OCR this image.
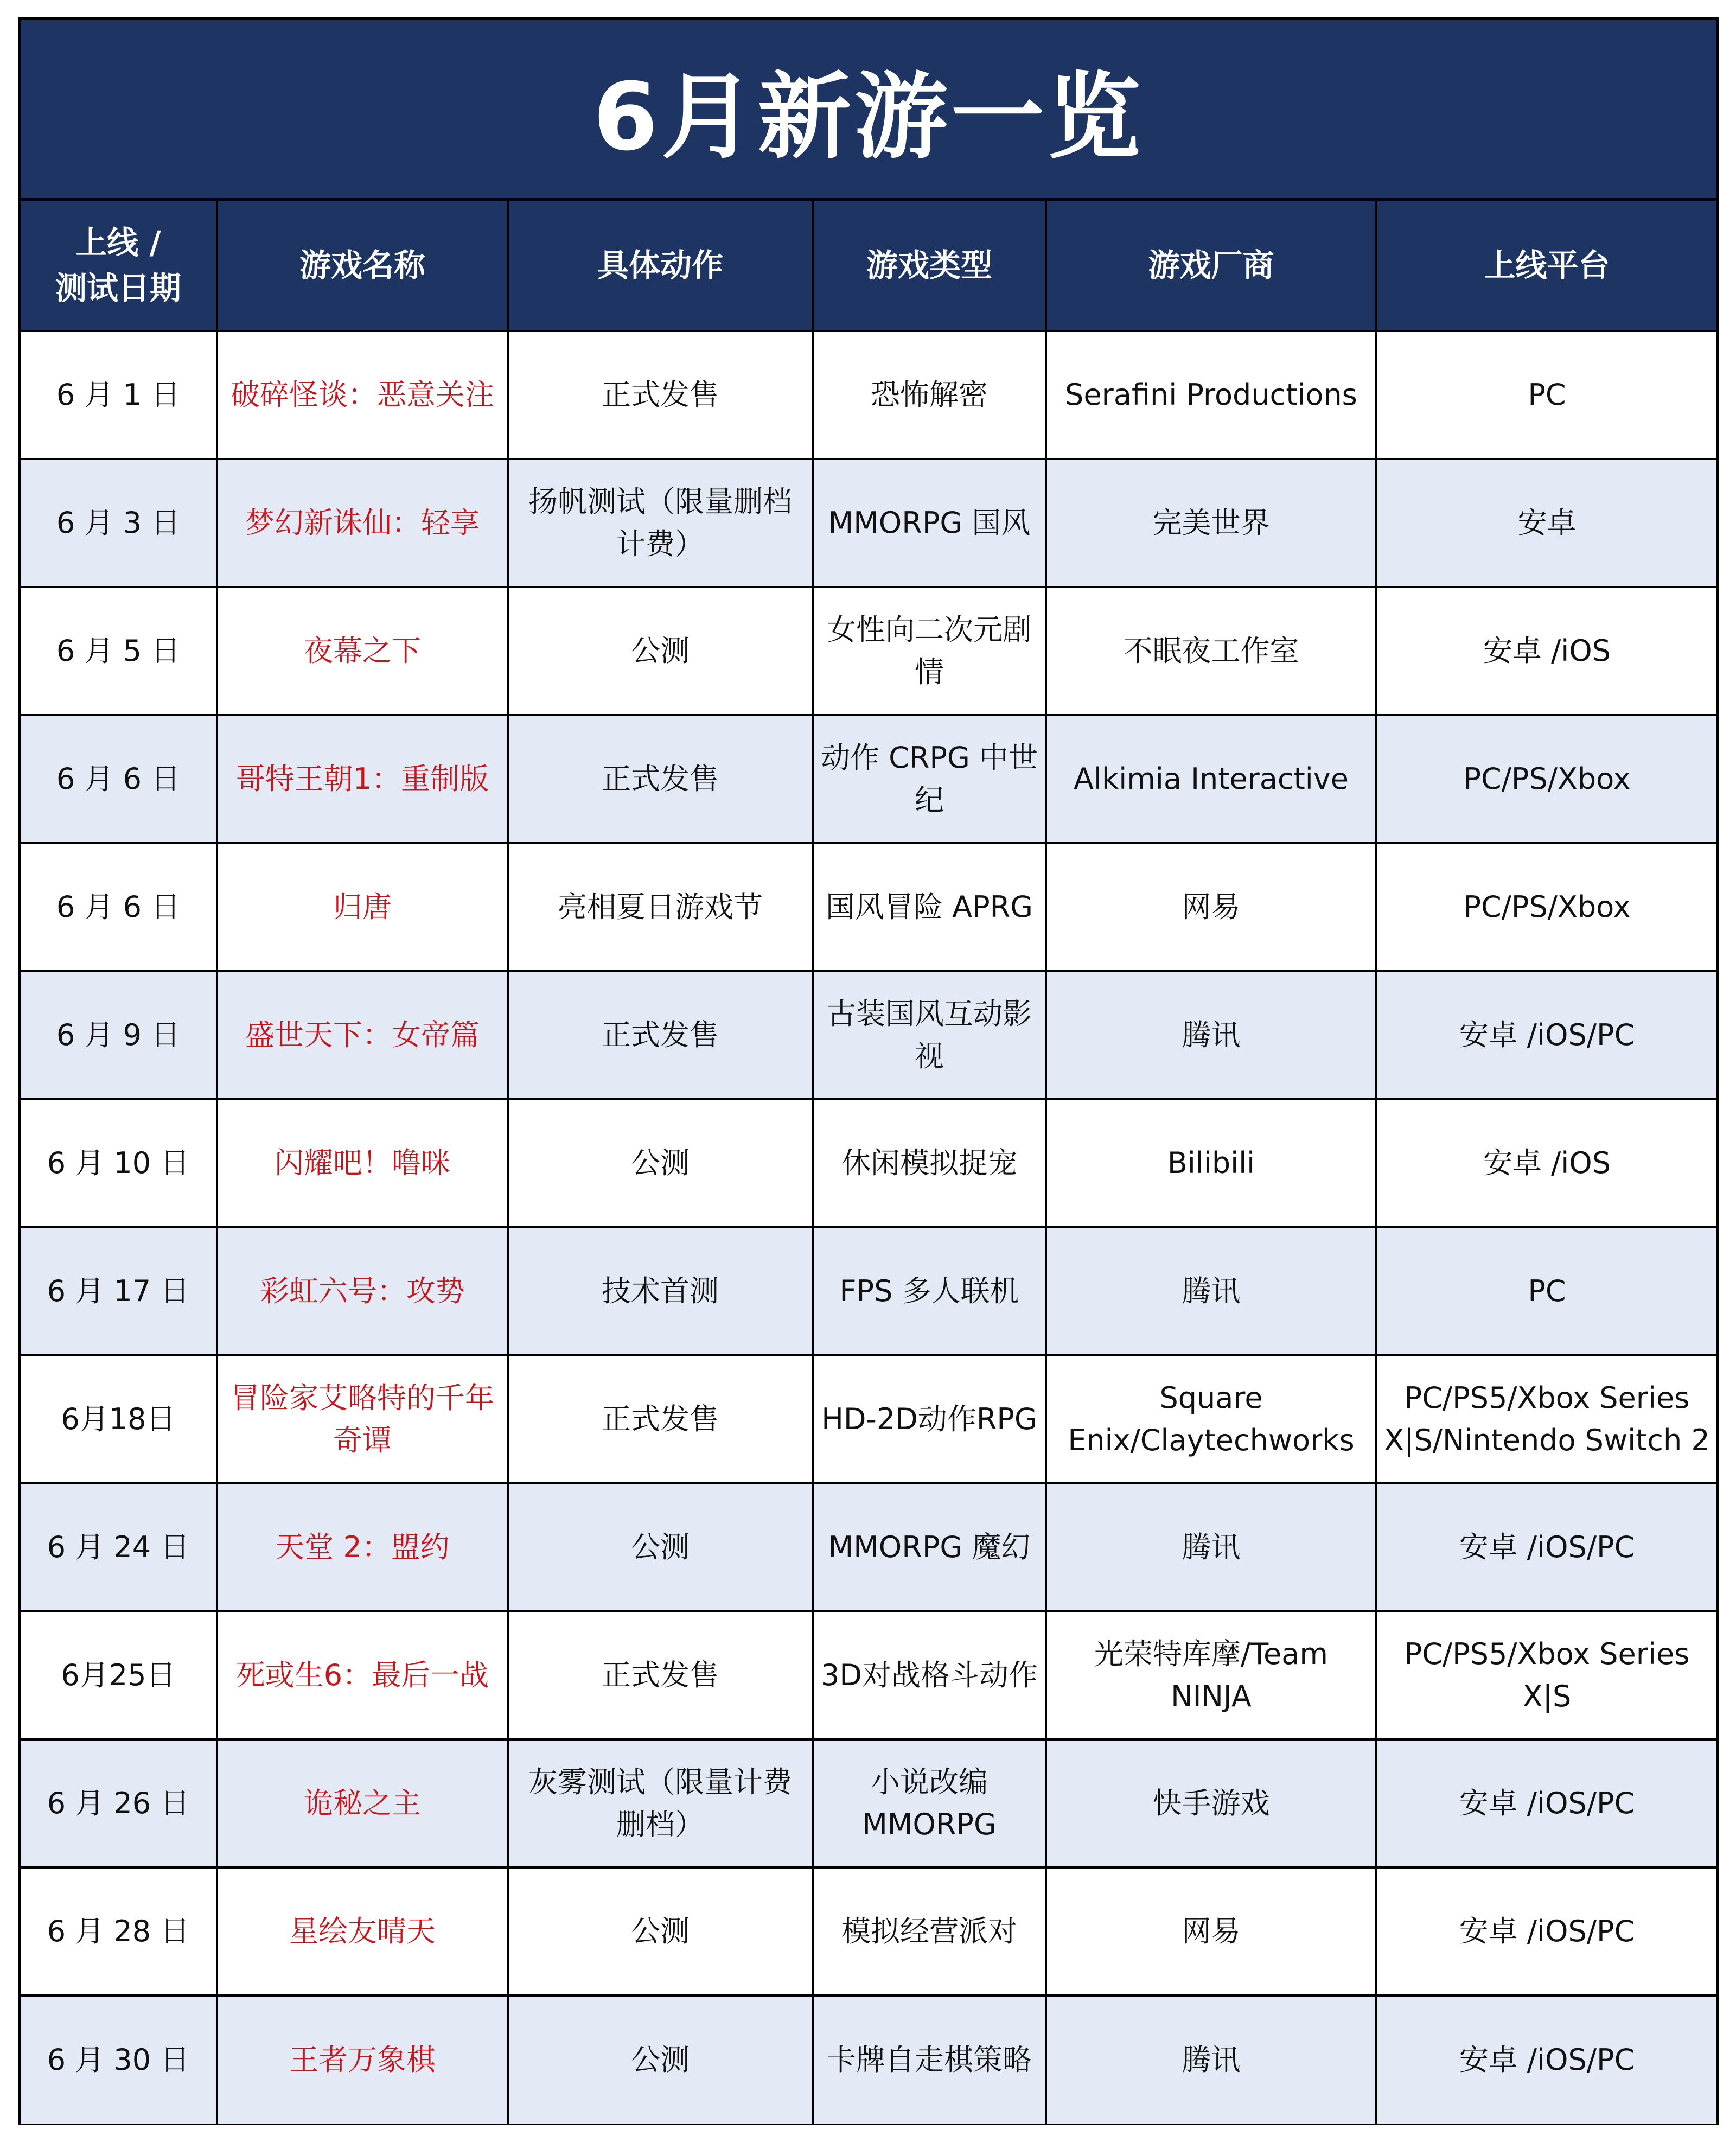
6月新游一览
上线 /
测试日期	游戏名称	具体动作	游戏类型	游戏厂商	上线平台
6 月 1 日	破碎怪谈：恶意关注	正式发售	恐怖解密	Serafini Productions	PC
6 月 3 日	梦幻新诛仙：轻享	扬帆测试（限量删档计费）	MMORPG 国风	完美世界	安卓
6 月 5 日	夜幕之下	公测	女性向二次元剧情	不眠夜工作室	安卓 /iOS
6 月 6 日	哥特王朝1：重制版	正式发售	动作 CRPG 中世纪	Alkimia Interactive	PC/PS/Xbox
6 月 6 日	归唐	亮相夏日游戏节	国风冒险 APRG	网易	PC/PS/Xbox
6 月 9 日	盛世天下：女帝篇	正式发售	古装国风互动影视	腾讯	安卓 /iOS/PC
6 月 10 日	闪耀吧！噜咪	公测	休闲模拟捉宠	Bilibili	安卓 /iOS
6 月 17 日	彩虹六号：攻势	技术首测	FPS 多人联机	腾讯	PC
6月18日	冒险家艾略特的千年奇谭	正式发售	HD-2D动作RPG	Square Enix/Claytechworks	PC/PS5/Xbox Series X|S/Nintendo Switch 2
6 月 24 日	天堂 2：盟约	公测	MMORPG 魔幻	腾讯	安卓 /iOS/PC
6月25日	死或生6：最后一战	正式发售	3D对战格斗动作	光荣特库摩/Team NINJA	PC/PS5/Xbox Series X|S
6 月 26 日	诡秘之主	灰雾测试（限量计费删档）	小说改编MMORPG	快手游戏	安卓 /iOS/PC
6 月 28 日	星绘友晴天	公测	模拟经营派对	网易	安卓 /iOS/PC
6 月 30 日	王者万象棋	公测	卡牌自走棋策略	腾讯	安卓 /iOS/PC
